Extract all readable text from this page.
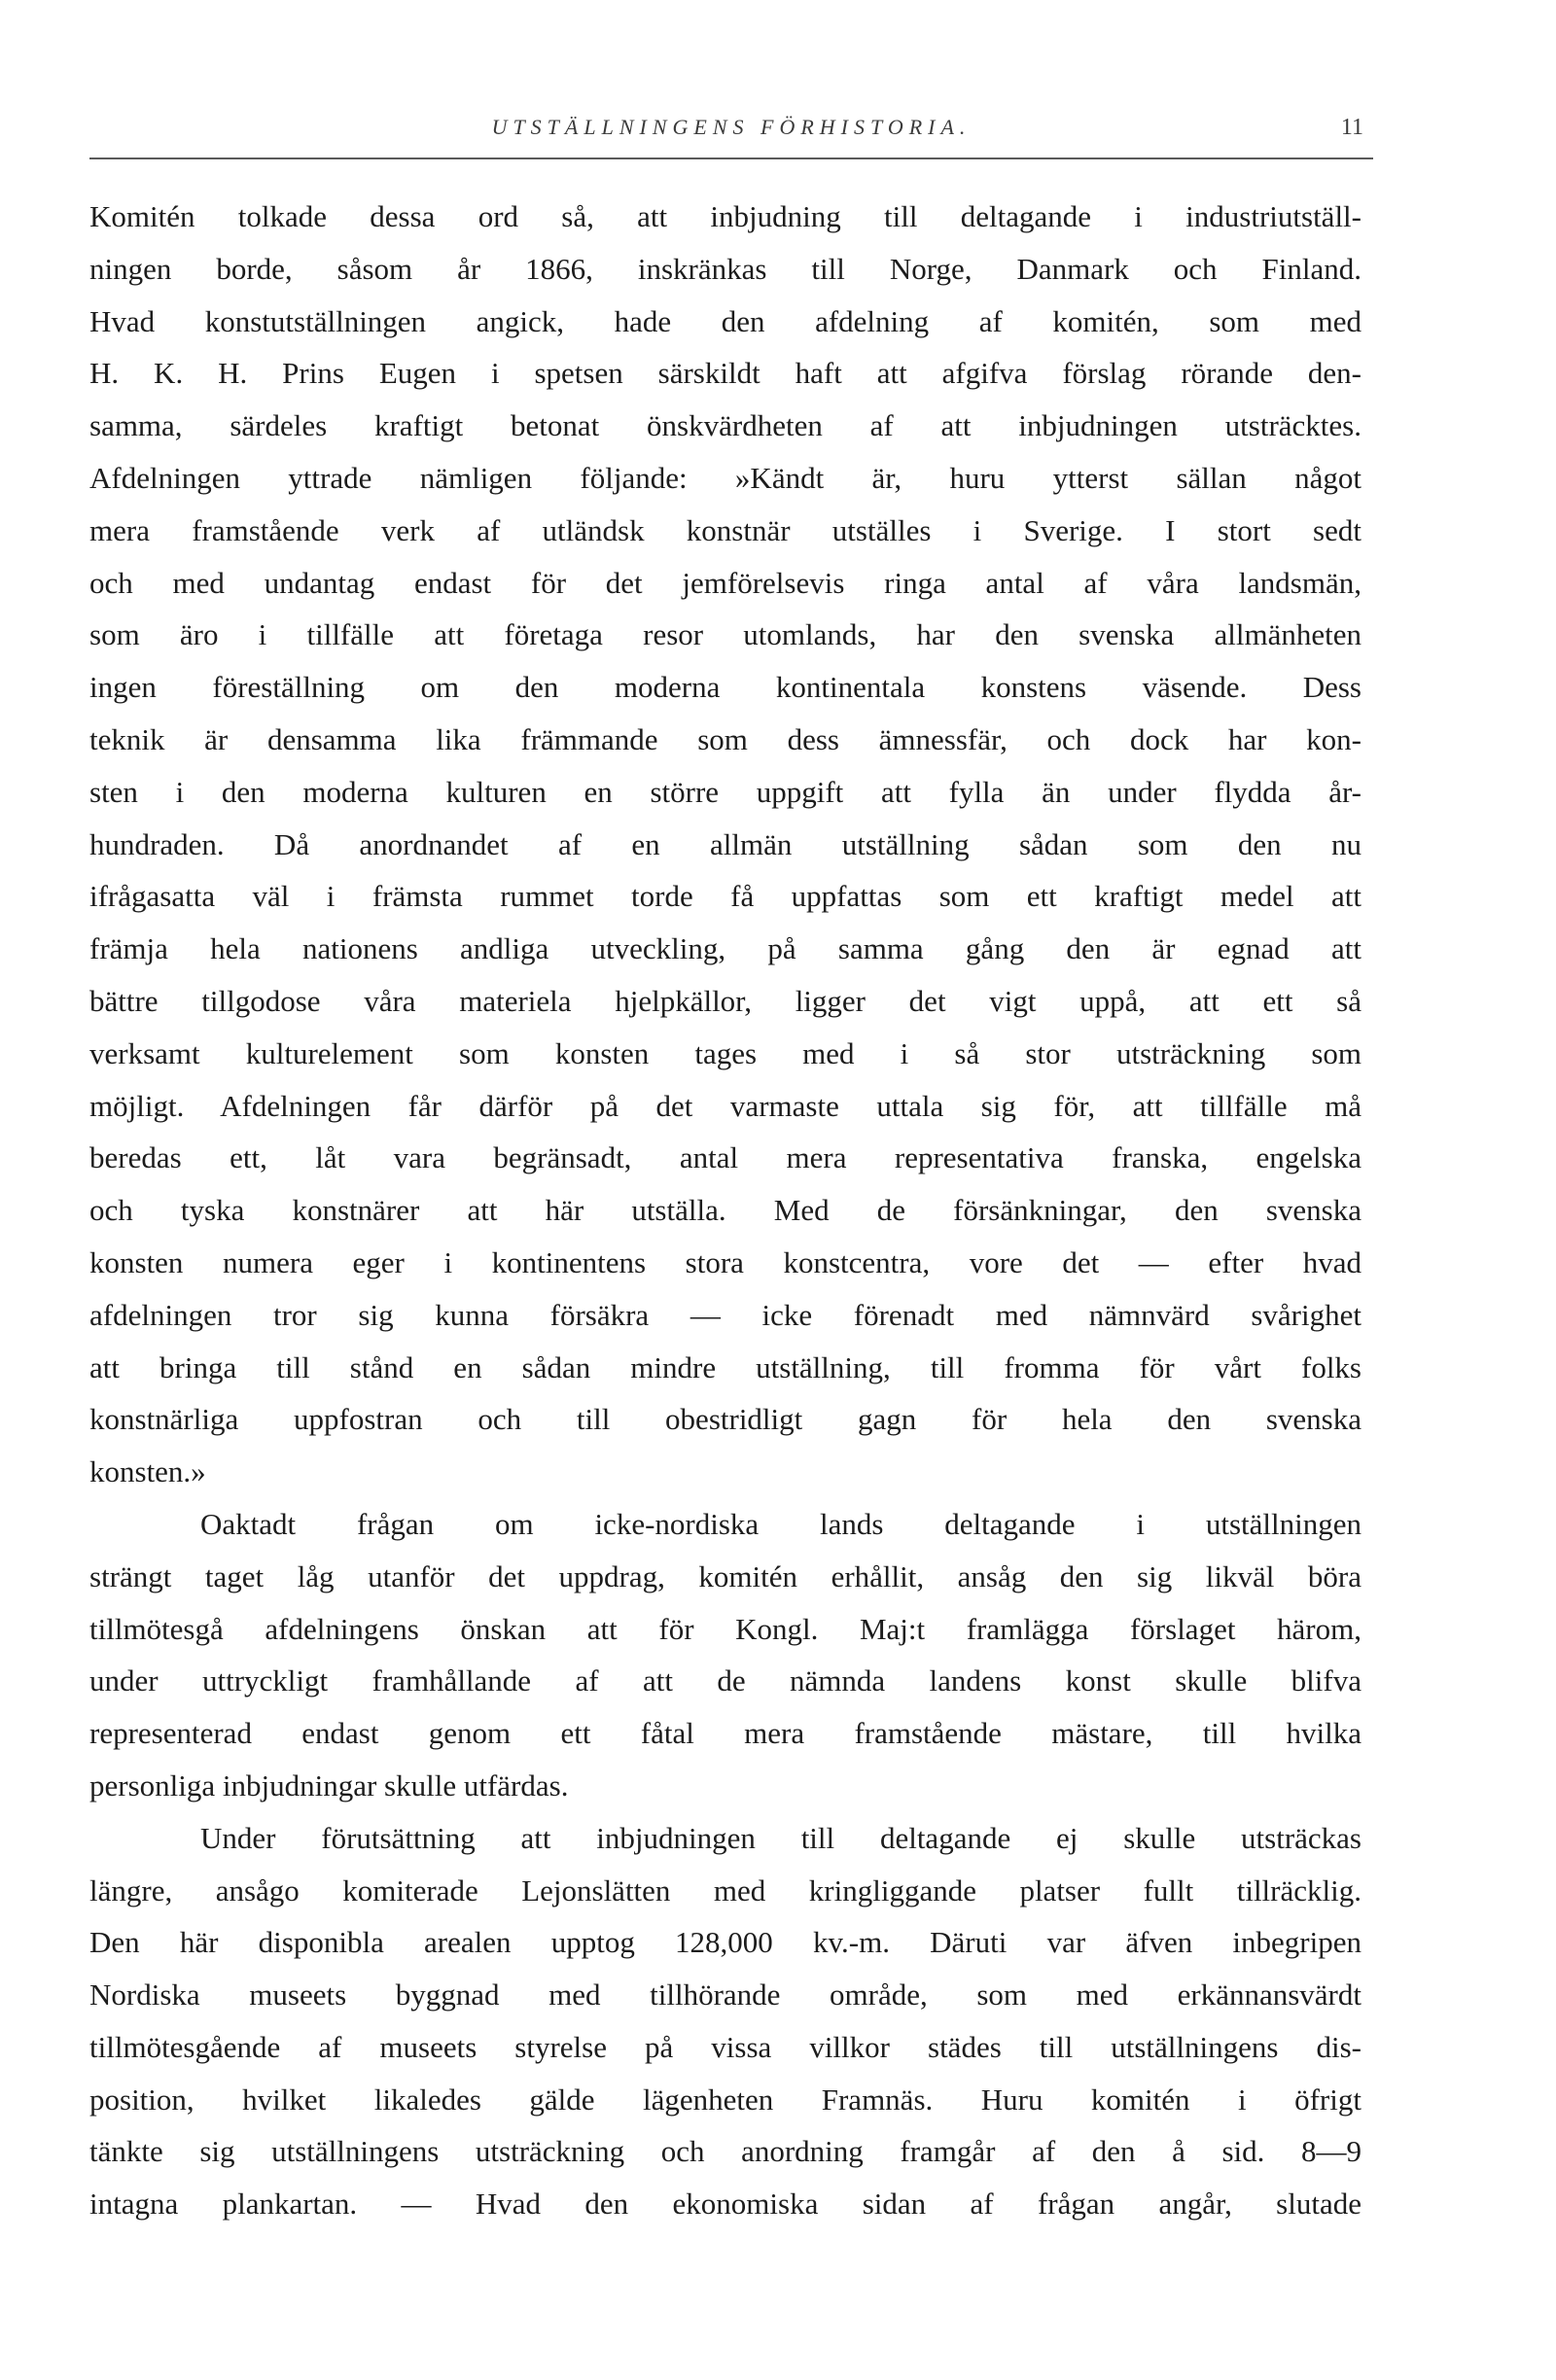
UTSTÄLLNINGENS FÖRHISTORIA.	11
Komitén tolkade dessa ord så, att inbjudning till deltagande i industriutställ-
ningen borde, såsom år 1866, inskränkas till Norge, Danmark och Finland.
Hvad konstutställningen angick, hade den afdelning af komitén, som med
H. K. H. Prins Eugen i spetsen särskildt haft att afgifva förslag rörande den-
samma, särdeles kraftigt betonat önskvärdheten af att inbjudningen utsträcktes.
Afdelningen yttrade nämligen följande: »Kändt är, huru ytterst sällan något
mera framstående verk af utländsk konstnär utställes i Sverige. I stort sedt
och med undantag endast för det jemförelsevis ringa antal af våra landsmän,
som äro i tillfälle att företaga resor utomlands, har den svenska allmänheten
ingen föreställning om den moderna kontinentala konstens väsende. Dess
teknik är densamma lika främmande som dess ämnessfär, och dock har kon-
sten i den moderna kulturen en större uppgift att fylla än under flydda år-
hundraden. Då anordnandet af en allmän utställning sådan som den nu
ifrågasatta väl i främsta rummet torde få uppfattas som ett kraftigt medel att
främja hela nationens andliga utveckling, på samma gång den är egnad att
bättre tillgodose våra materiela hjelpkällor, ligger det vigt uppå, att ett så
verksamt kulturelement som konsten tages med i så stor utsträckning som
möjligt. Afdelningen får därför på det varmaste uttala sig för, att tillfälle må
beredas ett, låt vara begränsadt, antal mera representativa franska, engelska
och tyska konstnärer att här utställa. Med de försänkningar, den svenska
konsten numera eger i kontinentens stora konstcentra, vore det — efter hvad
afdelningen tror sig kunna försäkra — icke förenadt med nämnvärd svårighet
att bringa till stånd en sådan mindre utställning, till fromma för vårt folks
konstnärliga uppfostran och till obestridligt gagn för hela den svenska
konsten.»
Oaktadt frågan om icke-nordiska lands deltagande i utställningen
strängt taget låg utanför det uppdrag, komitén erhållit, ansåg den sig likväl böra
tillmötesgå afdelningens önskan att för Kongl. Maj:t framlägga förslaget härom,
under uttryckligt framhållande af att de nämnda landens konst skulle blifva
representerad endast genom ett fåtal mera framstående mästare, till hvilka
personliga inbjudningar skulle utfärdas.
Under förutsättning att inbjudningen till deltagande ej skulle utsträckas
längre, ansågo komiterade Lejonslätten med kringliggande platser fullt tillräcklig.
Den här disponibla arealen upptog 128,000 kv.-m. Däruti var äfven inbegripen
Nordiska museets byggnad med tillhörande område, som med erkännansvärdt
tillmötesgående af museets styrelse på vissa villkor städes till utställningens dis-
position, hvilket likaledes gälde lägenheten Framnäs. Huru komitén i öfrigt
tänkte sig utställningens utsträckning och anordning framgår af den å sid. 8—9
intagna plankartan. — Hvad den ekonomiska sidan af frågan angår, slutade
